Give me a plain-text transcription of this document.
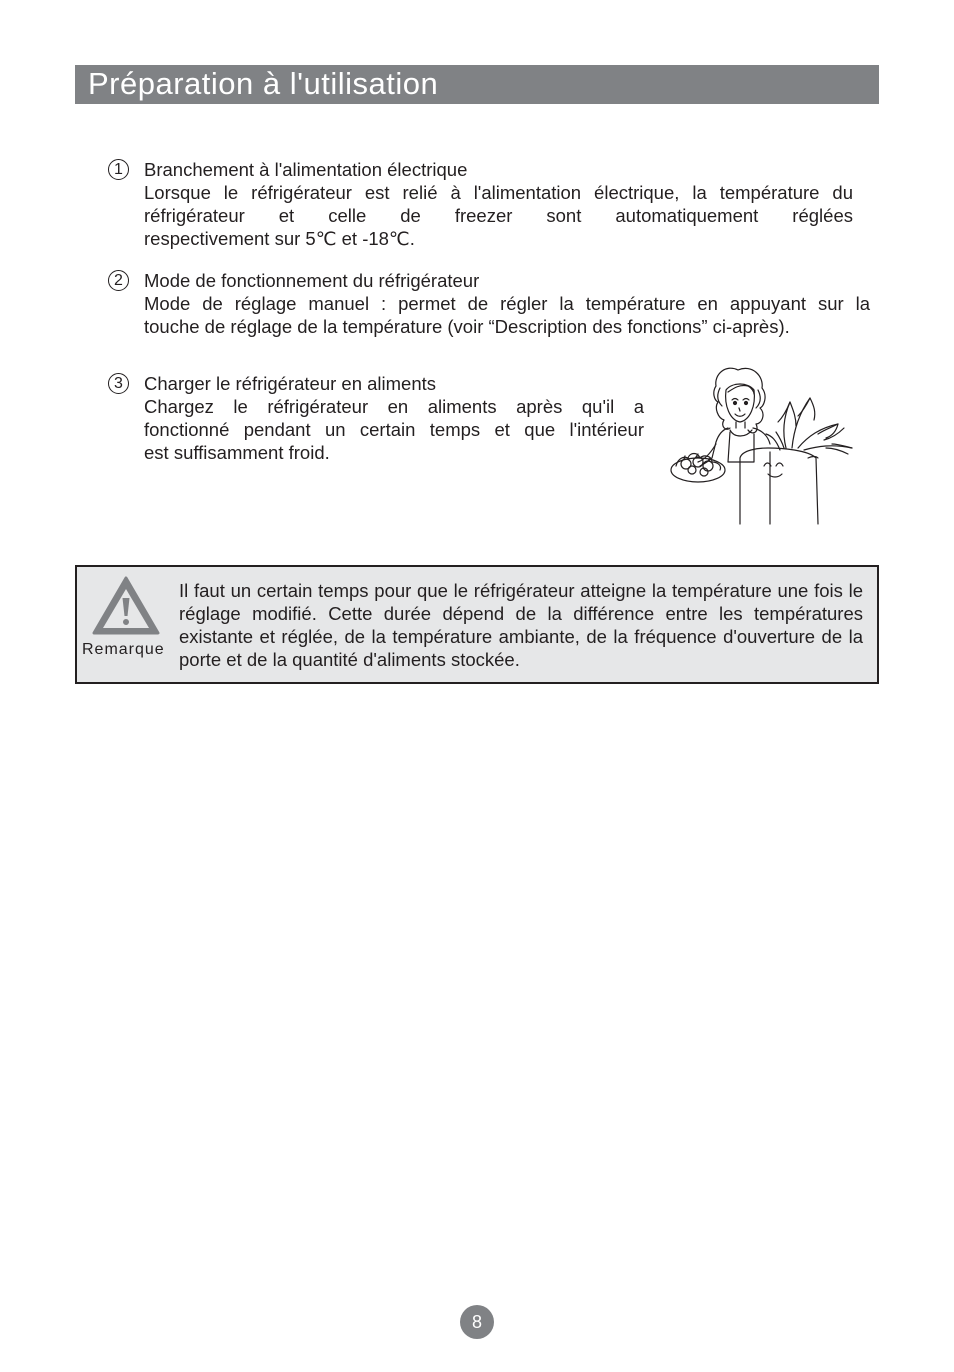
Préparation à l'utilisation
1	Branchement à l'alimentation électrique

Lorsque le réfrigérateur est relié à l'alimentation électrique, la température du

réfrigérateur et celle de freezer sont automatiquement réglées

respectivement sur 5℃ et -18℃.

2	Mode de fonctionnement du réfrigérateur

Mode de réglage manuel : permet de régler la température en appuyant sur la

touche de réglage de la température (voir “Description des fonctions” ci-après).

3	Charger le réfrigérateur en aliments

Chargez le réfrigérateur en aliments après qu'il a

fonctionné pendant un certain temps et que l'intérieur

est suffisamment froid.

Remarque
Il faut un certain temps pour que le réfrigérateur atteigne la température une fois le réglage modifié. Cette durée dépend de la différence entre les températures existante et réglée, de la température ambiante, de la fréquence d'ouverture de la porte et de la quantité d'aliments stockée.
8
